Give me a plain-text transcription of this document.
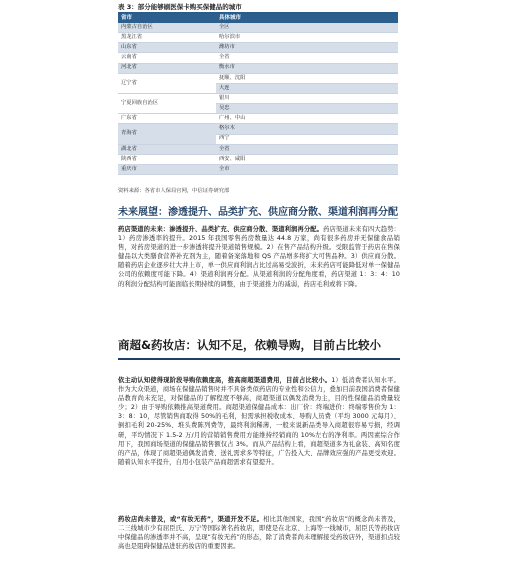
表 3：部分能够刷医保卡购买保健品的城市
省市	具体城市
内蒙古自治区	全区
黑龙江省	哈尔滨市
山东省	潍坊市
云南省	全省
河北省	衡水市
辽宁省	抚顺、沈阳
	大连
宁夏回族自治区	银川
	吴忠
广东省	广州、中山
青海省	格尔木
	西宁
湖北省	全省
陕西省	西安、咸阳
重庆市	全市
资料来源：各省市人保局官网，中信证券研究部
未来展望：渗透提升、品类扩充、供应商分散、渠道利润再分配
药店渠道的未来：渗透提升、品类扩充、供应商分散、渠道利润再分配。药店渠道未来有四大趋势：1）药房渗透率的提升。2015 年我国零售药房数量达 44.8 万家，尚有很多药房并无保健食品销售，对药房渠道的进一步渗透将提升渠道销售规模。2）在售产品结构升级。受限监管于药店在售保健品以大类膳食营养补充剂为主，随着备案落地和 QS 产品增多将扩大可售品种。3）供应商分散。随着药店企业逐步壮大井上市，单一供应商利润占比过高易受波折，未来药店可能降低对单一保健品公司的依赖度可能下降。4）渠道利润再分配。从渠道利润的分配角度看，药店渠道 1：3：4：10 的利润分配结构可能面临长期持续的调整，由于渠道推力的减弱，药店毛利或将下降。
商超&药妆店：认知不足，依赖导购，目前占比较小
依主动认知使得现阶段导购依赖度高，推高商超渠道费用，目前占比较小。1）低消费者认知水平。作为大众渠道，商场在保健品销售时并不具备类似药店的专业性和公信力，叠加目前我国消费者保健品教育尚未充足，对保健品的了解程度不够高，商超渠道以偶发消费为主，目的性保健品消费量较少；2）由于导购依赖推高渠道费用。商超渠道保健品成本：出厂价：终端进价：终端零售价为 1：3：8：10，尽管销售商取得 50%的毛利，但需承担税收成本、导购人员费（平均 3000 元每月）、倒扣毛利 20-25%、堆头费陈列费等，最终利润稀薄，一般来说新品类导入商超很容易亏损，经调研，平均情况下 1.5-2 万/月的营销销售费用方能维持经销商的 10%左右的净利率。两因素综合作用下，我国商场渠道的保健品销售额仅占 3%。而从产品结构上看，商超渠道多为礼盒装、高知名度的产品，体现了商超渠道偶发消费、送礼需求多等特征，广告投入大、品牌效应强的产品更受欢迎。随着认知水平提升，自用小包装产品商超需求有望提升。
药妆店尚未普及，或“有妆无药”，渠道开发不足。相比其他国家，我国“药妆店”的概念尚未普及，二三线城市少有屈臣氏、万宁等国际著名药妆店，即使是在北京、上海等一线城市，屈臣氏等药妆店中保健品的渗透率并不高，呈现“有妆无药”的形态，除了消费者尚未理解接受药妆店外，渠道扣点较高也是阻碍保健品进驻药妆店的重要因素。
